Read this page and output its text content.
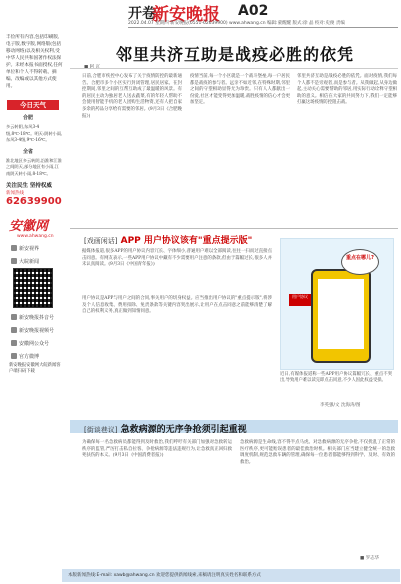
开卷
新安晚报 A02
2022.04.07 星期四 新安晚报(0551-62639900) www.ahwang.cn 编辑:蒙醒醒 版式:徐 晶 校对:史俊 责编
丰俭所有内容,包括印刷版,电子版,数字版,网络版(包括移动网络)以及相关权利,受中华人民共和国著作权法保护。未经本报书面授权,任何单位和个人不得转载、摘编、改编或以其他方式使用。
今日天气
合肥
多云转阴,东风3-4级,8℃-18℃。明天:阴转小雨,东风3-4级,9℃-16℃。
全省
淮北地区多云转阴,沿淮和江淮之间阴天,部分地区有小雨,江南阴天转小雨,8-18℃。
关注民生 坚持权威
新闻热线
62639900
安徽网
www.ahwang.cn
新安视界
大皖新闻
新安晚报抖音号
新安晚报视频号
安徽网公众号
官方微博
新安晚报安徽网大皖新闻客户端扫码下载
邻里共济互助是战疫必胜的依凭
日前,合肥市疾控中心发布了关于疫情防控的最新通告。合肥市多个小区实行封闭管理,居民居家。在封控期间,邻里之间的互帮互助成了最温暖的风景。有的居民主动为独居老人送去蔬菜,有的年轻人帮助不会使用智能手机的老人团购生活物资,还有人把自家多余的药品分享给有需要的邻居。(9月3日《合肥晚报》)
疫情当前,每一个小区就是一个战斗堡垒,每一户居民都是战疫的参与者。远亲不如近邻,在特殊时期,邻里之间的守望相助显得尤为珍贵。只有人人都献出一份爱,社区才能变得更加温暖,战胜疫情的信心才会更加坚定。
邻里共济互助是战疫必胜的依凭。面对疫情,我们每个人都不是旁观者,而是参与者。从我做起,从身边做起,主动关心需要帮助的邻居,用实际行动诠释守望相助的意义。相信在大家的共同努力下,我们一定能够打赢这场疫情防控阻击战。
[戏画闲话] APP 用户协议该有"重点提示版"
据媒体报道,很多APP的用户协议内容冗长、字体细小,普通用户难以全部阅读,往往一扫而过直接点击同意。有网友表示,一些APP用户协议中藏有不少需要用户注意的条款,但由于篇幅过长,很多人并未认真阅读。(9月3日《中国青年报》)
用户协议是APP与用户之间的合同,事关用户的切身权益。应当推出用户协议的"重点提示版",将涉及个人信息收集、费用扣除、免责条款等关键内容突出展示,让用户在点击同意之前能够清楚了解自己的权利义务,真正做到知情同意。
重点在哪儿?
用户协议
近日,有媒体报道称一些APP用户协议篇幅冗长、重点不突出,导致用户难以读完即点击同意,不少人因此权益受损。
李英强/文 沈海涛/图
[街谈巷议] 急救病源的无序争抢须引起重视
为确保每一名急救病员都能得到及时救治,我们呼吁有关部门加强对急救转运秩序的监管,严厉打击私自拉客、争抢病源等违法违规行为,让急救真正回归救死扶伤的本义。(9月3日《中国消费者报》)
急救病源是生命线,容不得半点马虎。对急救病源的无序争抢,不仅扰乱了正常的医疗秩序,更可能贻误患者的最佳救治时机。相关部门应当建立健全统一的急救调度机制,规范急救车辆的管理,确保每一位患者都能够得到科学、及时、有效的救治。
■ 罗志华
本版新闻热线:E-mail: xawb@ahwang.cn 欢迎您提供新闻线索,来稿请注明真实姓名和联系方式
